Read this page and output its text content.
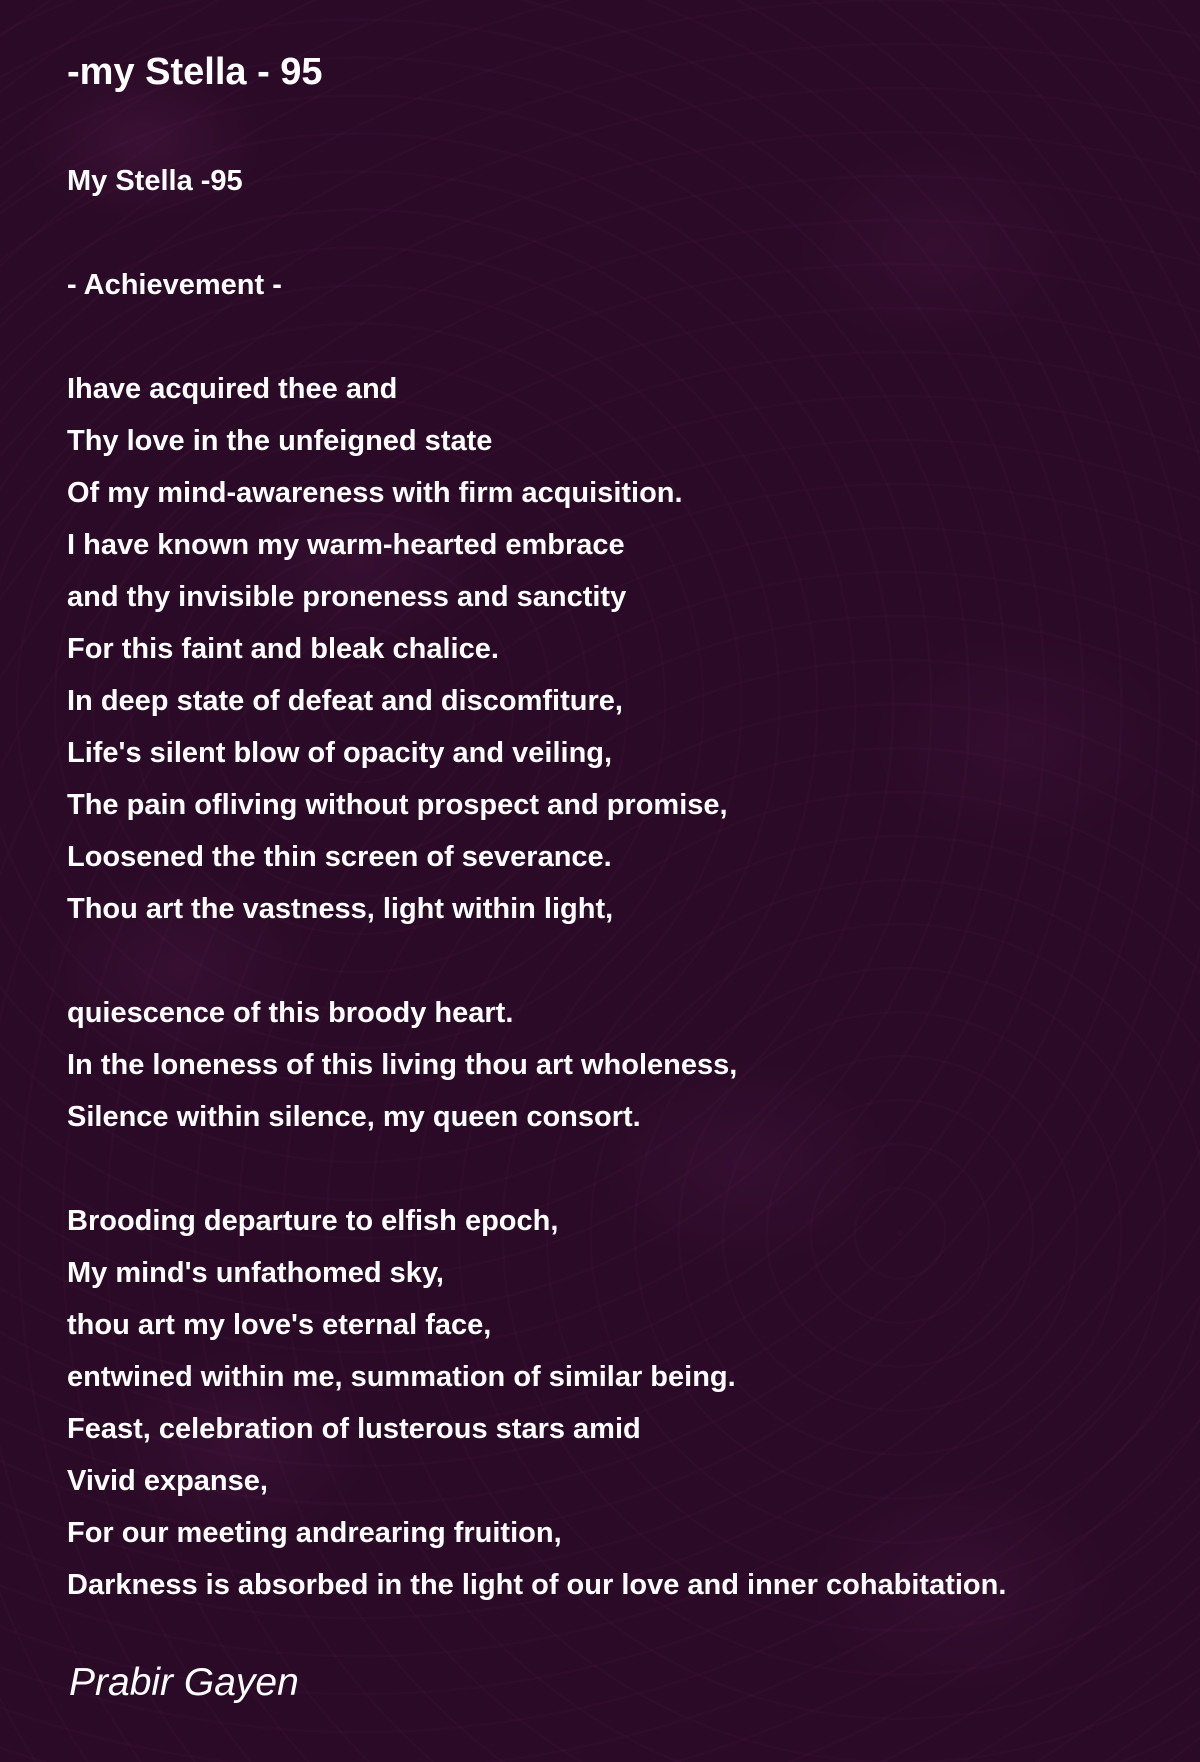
-my Stella - 95
My Stella -95
- Achievement -
Ihave acquired thee and
Thy love in the unfeigned state
Of my mind-awareness with firm acquisition.
I have known my warm-hearted embrace
and thy invisible proneness and sanctity
For this faint and bleak chalice.
In deep state of defeat and discomfiture,
Life's silent blow of opacity and veiling,
The pain ofliving without prospect and promise,
Loosened the thin screen of severance.
Thou art the vastness, light within light,
quiescence of this broody heart.
In the loneness of this living thou art wholeness,
Silence within silence, my queen consort.
Brooding departure to elfish epoch,
My mind's unfathomed sky,
thou art my love's eternal face,
entwined within me, summation of similar being.
Feast, celebration of lusterous stars amid
Vivid expanse,
For our meeting andrearing fruition,
Darkness is absorbed in the light of our love and inner cohabitation.
Prabir Gayen
